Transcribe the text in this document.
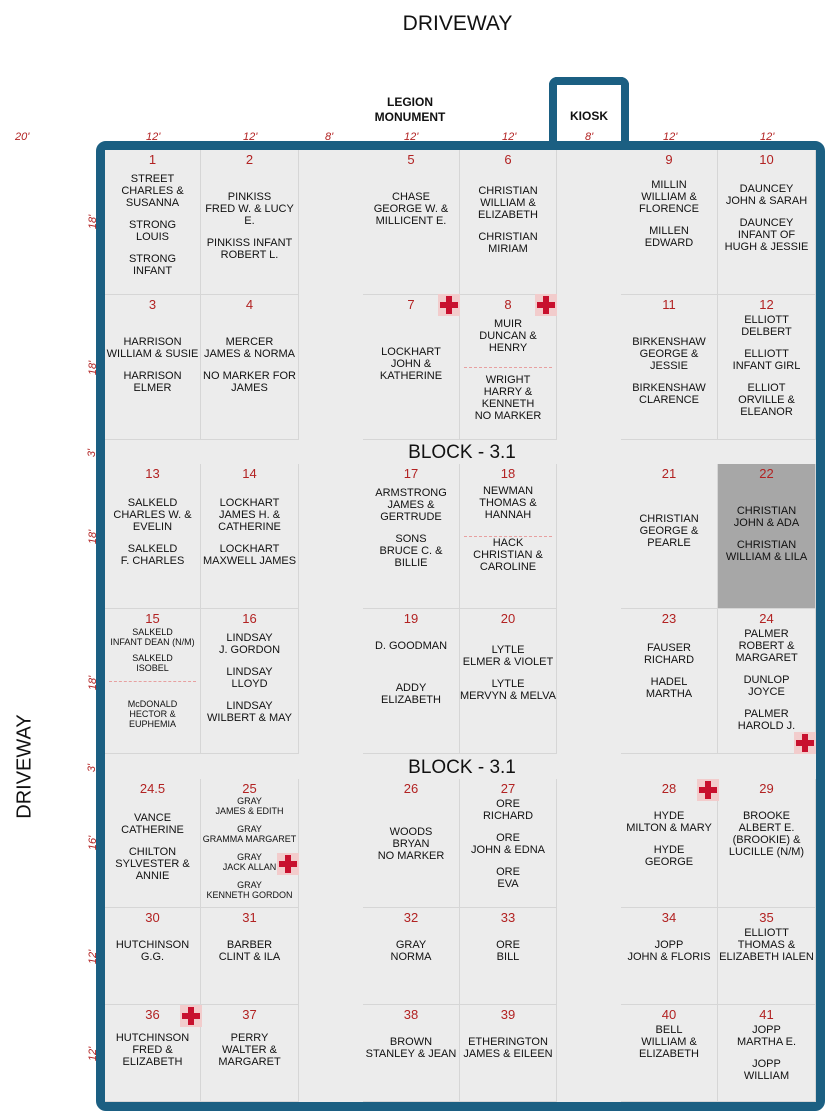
DRIVEWAY
DRIVEWAY
LEGION
MONUMENT	KIOSK
20'	12'	12'	8'	12'	12'	8'	12'	12'
18'
18'
3'
18'
18'
3'
16'
12'
12'
1
STREET
CHARLES &
SUSANNA
STRONG
LOUIS
STRONG
INFANT
2
PINKISS
FRED W. & LUCY E.
PINKISS INFANT
ROBERT L.
5
CHASE
GEORGE W. &
MILLICENT E.
6
CHRISTIAN
WILLIAM &
ELIZABETH
CHRISTIAN
MIRIAM
9
MILLIN
WILLIAM &
FLORENCE
MILLEN
EDWARD
10
DAUNCEY
JOHN & SARAH
DAUNCEY
INFANT OF
HUGH & JESSIE
3
HARRISON
WILLIAM & SUSIE
HARRISON
ELMER
4
MERCER
JAMES & NORMA
NO MARKER FOR
JAMES
7
LOCKHART
JOHN &
KATHERINE
8
MUIR
DUNCAN & HENRY
WRIGHT
HARRY &
KENNETH
NO MARKER
11
BIRKENSHAW
GEORGE & JESSIE
BIRKENSHAW
CLARENCE
12
ELLIOTT
DELBERT
ELLIOTT
INFANT GIRL
ELLIOT
ORVILLE &
ELEANOR
BLOCK - 3.1
13
SALKELD
CHARLES W. &
EVELIN
SALKELD
F. CHARLES
14
LOCKHART
JAMES H. &
CATHERINE
LOCKHART
MAXWELL JAMES
17
ARMSTRONG
JAMES &
GERTRUDE
SONS
BRUCE C. &
BILLIE
18
NEWMAN
THOMAS &
HANNAH
HACK
CHRISTIAN &
CAROLINE
21
CHRISTIAN
GEORGE &
PEARLE
22
CHRISTIAN
JOHN & ADA
CHRISTIAN
WILLIAM & LILA
15
SALKELD
INFANT DEAN (N/M)
SALKELD
ISOBEL
McDONALD
HECTOR &
EUPHEMIA
16
LINDSAY
J. GORDON
LINDSAY
LLOYD
LINDSAY
WILBERT & MAY
19
D. GOODMAN
ADDY
ELIZABETH
20
LYTLE
ELMER & VIOLET
LYTLE
MERVYN & MELVA
23
FAUSER
RICHARD
HADEL
MARTHA
24
PALMER
ROBERT &
MARGARET
DUNLOP
JOYCE
PALMER
HAROLD J.
BLOCK - 3.1
24.5
VANCE
CATHERINE
CHILTON
SYLVESTER &
ANNIE
25
GRAY
JAMES & EDITH
GRAY
GRAMMA MARGARET
GRAY
JACK ALLAN
GRAY
KENNETH GORDON
26
WOODS
BRYAN
NO MARKER
27
ORE
RICHARD
ORE
JOHN & EDNA
ORE
EVA
28
HYDE
MILTON & MARY
HYDE
GEORGE
29
BROOKE
ALBERT E.
(BROOKIE) &
LUCILLE (N/M)
30
HUTCHINSON
G.G.
31
BARBER
CLINT & ILA
32
GRAY
NORMA
33
ORE
BILL
34
JOPP
JOHN & FLORIS
35
ELLIOTT
THOMAS &
ELIZABETH IALEN
36
HUTCHINSON
FRED &
ELIZABETH
37
PERRY
WALTER &
MARGARET
38
BROWN
STANLEY & JEAN
39
ETHERINGTON
JAMES & EILEEN
40
BELL
WILLIAM &
ELIZABETH
41
JOPP
MARTHA E.
JOPP
WILLIAM
